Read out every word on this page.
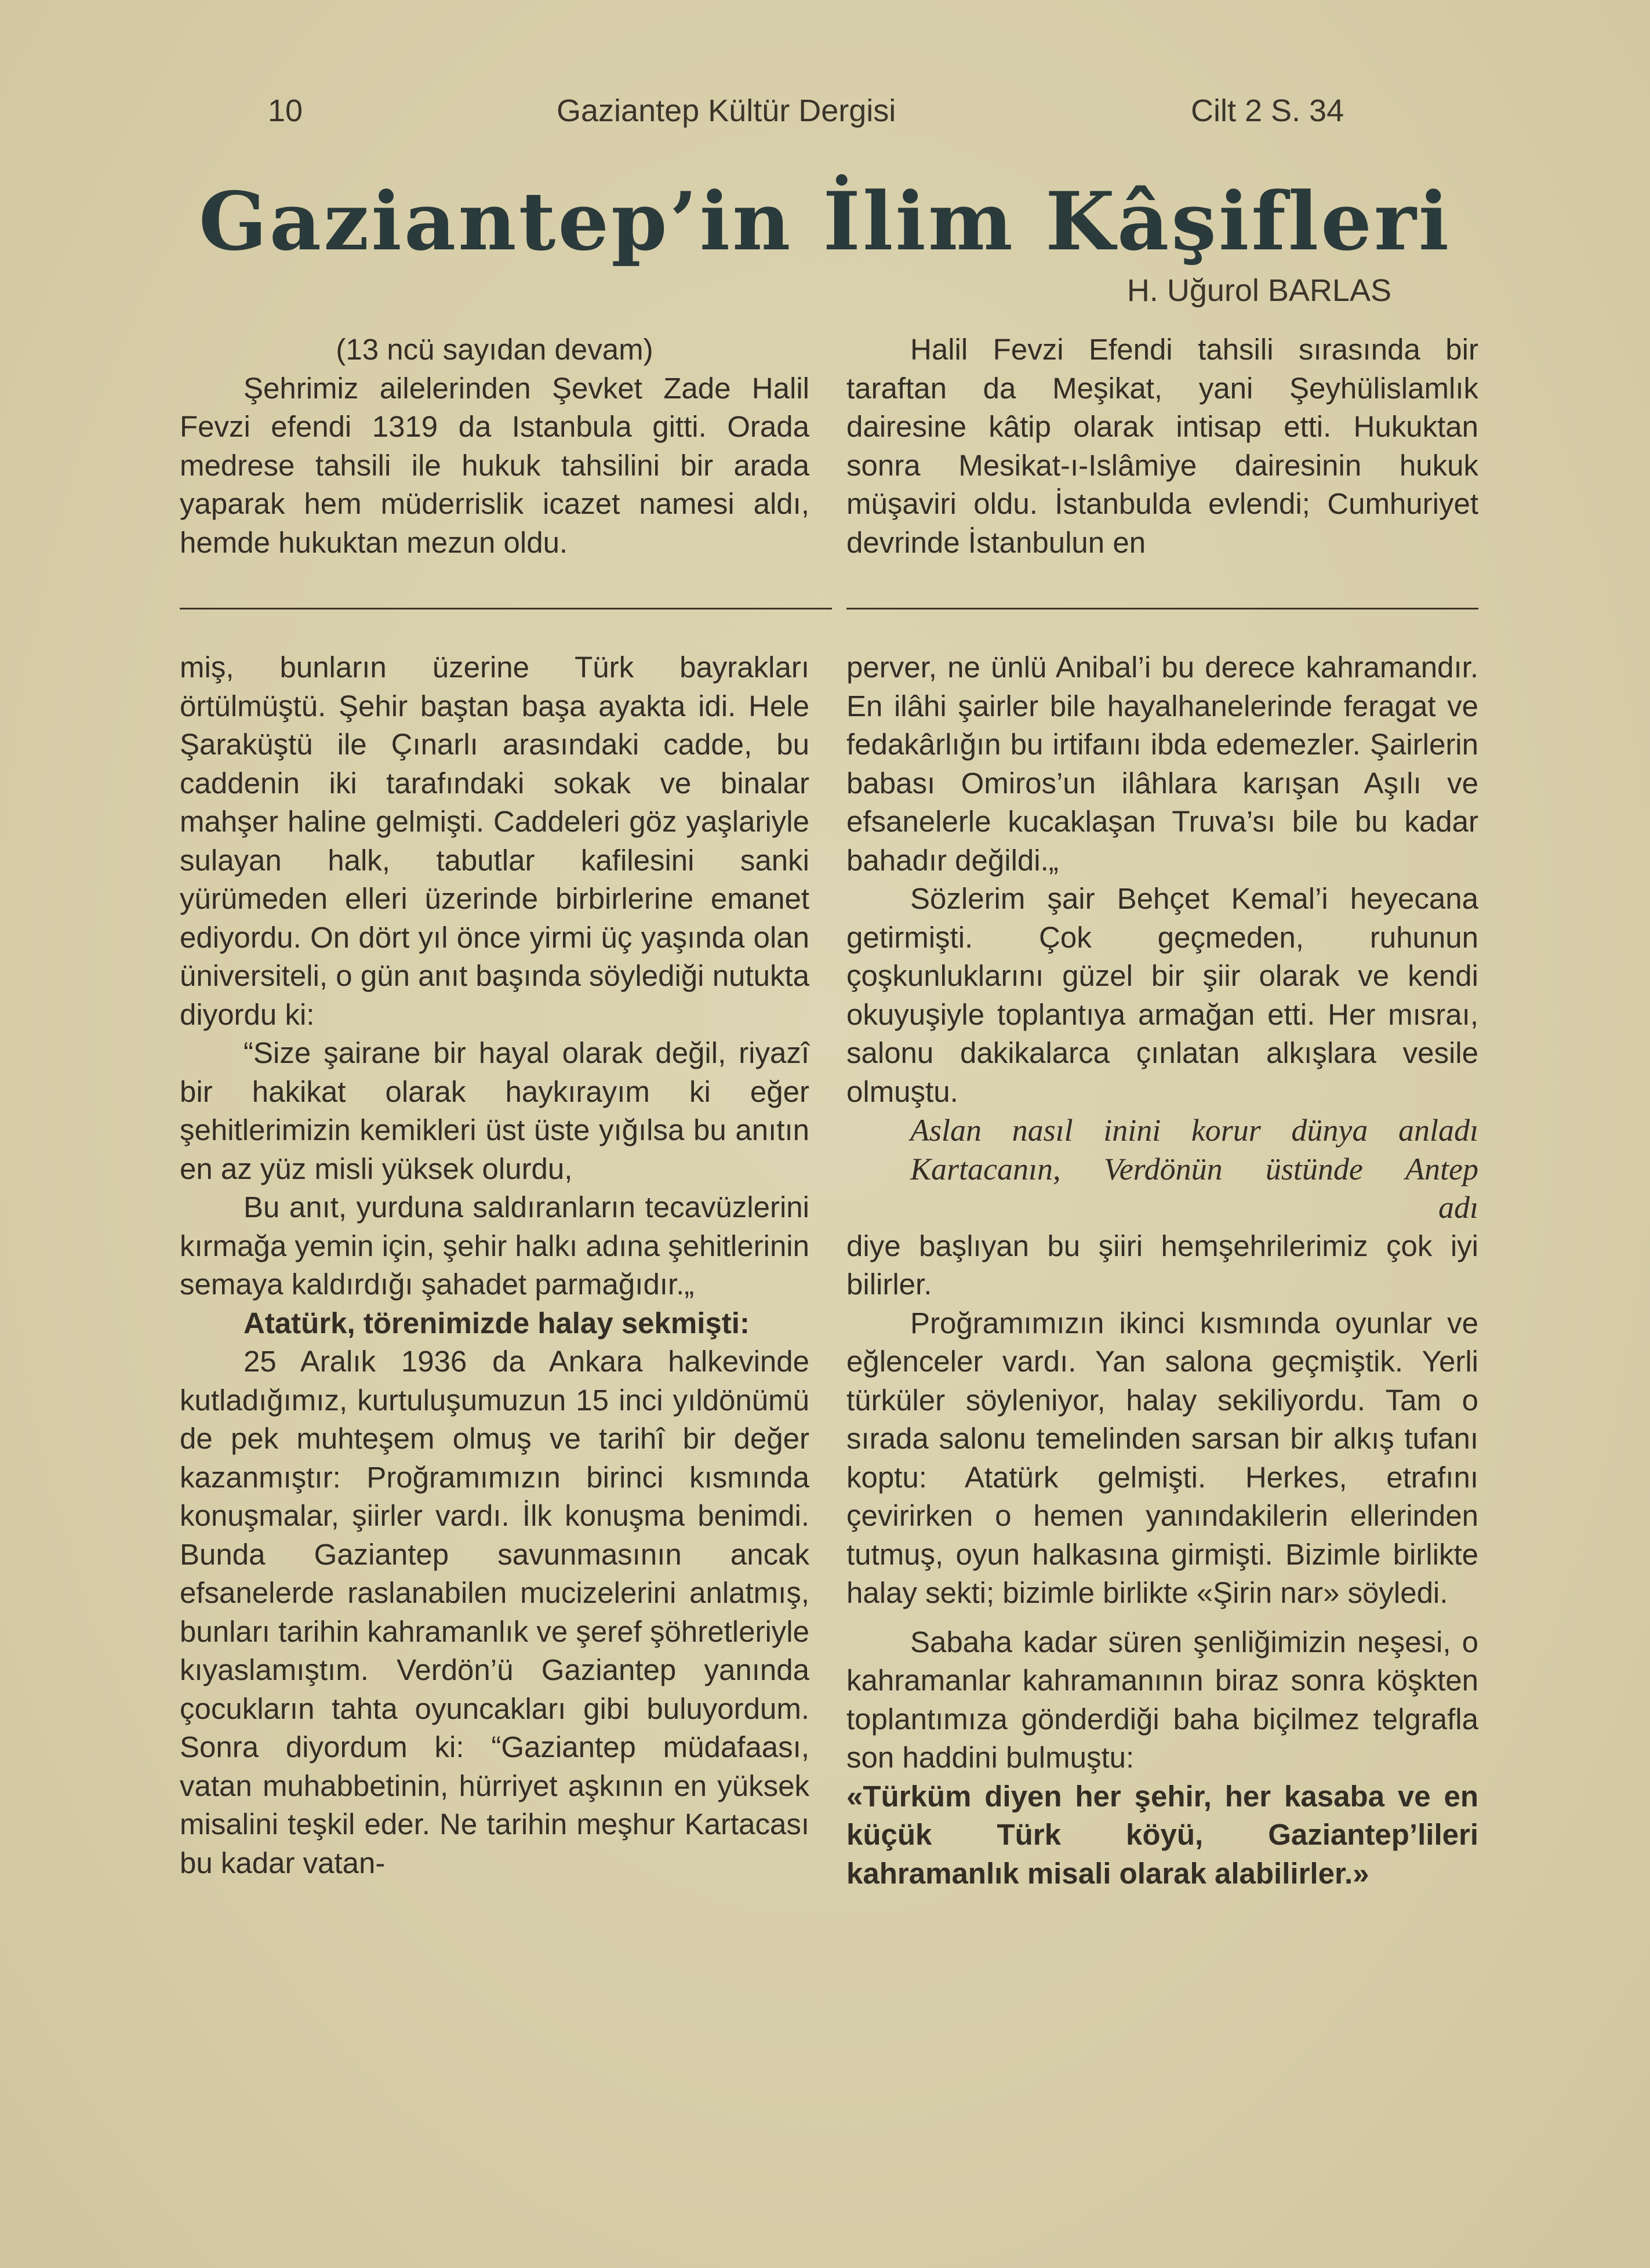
10	Gaziantep Kültür Dergisi	Cilt 2 S. 34
Gaziantep’in İlim Kâşifleri
H. Uğurol BARLAS

(13 ncü sayıdan devam)

Şehrimiz ailelerinden Şevket Zade Halil Fevzi efendi 1319 da Istanbula gitti. Orada medrese tahsili ile hukuk tahsilini bir arada yaparak hem müderrislik icazet namesi aldı, hemde hukuktan mezun oldu.

Halil Fevzi Efendi tahsili sırasında bir taraftan da Meşikat, yani Şeyhülislamlık dairesine kâtip olarak intisap etti. Hukuktan sonra Mesikat-ı-Islâmiye dairesinin hukuk müşaviri oldu. İstanbulda evlendi; Cumhuriyet devrinde İstanbulun en

miş, bunların üzerine Türk bayrakları örtülmüştü. Şehir baştan başa ayakta idi. Hele Şaraküştü ile Çınarlı arasındaki cadde, bu caddenin iki tarafındaki sokak ve binalar mahşer haline gelmişti. Caddeleri göz yaşlariyle sulayan halk, tabutlar kafilesini sanki yürümeden elleri üzerinde birbirlerine emanet ediyordu. On dört yıl önce yirmi üç yaşında olan üniversiteli, o gün anıt başında söylediği nutukta diyordu ki:

“Size şairane bir hayal olarak değil, riyazî bir hakikat olarak haykırayım ki eğer şehitlerimizin kemikleri üst üste yığılsa bu anıtın en az yüz misli yüksek olurdu,

Bu anıt, yurduna saldıranların tecavüzlerini kırmağa yemin için, şehir halkı adına şehitlerinin semaya kaldırdığı şahadet parmağıdır.„

Atatürk, törenimizde halay sekmişti:

25 Aralık 1936 da Ankara halkevinde kutladığımız, kurtuluşumuzun 15 inci yıldönümü de pek muhteşem olmuş ve tarihî bir değer kazanmıştır: Proğramımızın birinci kısmında konuşmalar, şiirler vardı. İlk konuşma benimdi. Bunda Gaziantep savunmasının ancak efsanelerde raslanabilen mucizelerini anlatmış, bunları tarihin kahramanlık ve şeref şöhretleriyle kıyaslamıştım. Verdön’ü Gaziantep yanında çocukların tahta oyuncakları gibi buluyordum. Sonra diyordum ki: “Gaziantep müdafaası, vatan muhabbetinin, hürriyet aşkının en yüksek misalini teşkil eder. Ne tarihin meşhur Kartacası bu kadar vatan-

perver, ne ünlü Anibal’i bu derece kahramandır. En ilâhi şairler bile hayalhanelerinde feragat ve fedakârlığın bu irtifaını ibda edemezler. Şairlerin babası Omiros’un ilâhlara karışan Aşılı ve efsanelerle kucaklaşan Truva’sı bile bu kadar bahadır değildi.„

Sözlerim şair Behçet Kemal’i heyecana getirmişti. Çok geçmeden, ruhunun çoşkunluklarını güzel bir şiir olarak ve kendi okuyuşiyle toplantıya armağan etti. Her mısraı, salonu dakikalarca çınlatan alkışlara vesile olmuştu.

Aslan nasıl inini korur dünya anladı

Kartacanın, Verdönün üstünde Antep

adı

diye başlıyan bu şiiri hemşehrilerimiz çok iyi bilirler.

Proğramımızın ikinci kısmında oyunlar ve eğlenceler vardı. Yan salona geçmiştik. Yerli türküler söyleniyor, halay sekiliyordu. Tam o sırada salonu temelinden sarsan bir alkış tufanı koptu: Atatürk gelmişti. Herkes, etrafını çevirirken o hemen yanındakilerin ellerinden tutmuş, oyun halkasına girmişti. Bizimle birlikte halay sekti; bizimle birlikte «Şirin nar» söyledi.

Sabaha kadar süren şenliğimizin neşesi, o kahramanlar kahramanının biraz sonra köşkten toplantımıza gönderdiği baha biçilmez telgrafla son haddini bulmuştu:

«Türküm diyen her şehir, her kasaba ve en küçük Türk köyü, Gaziantep’lileri kahramanlık misali olarak alabilirler.»
